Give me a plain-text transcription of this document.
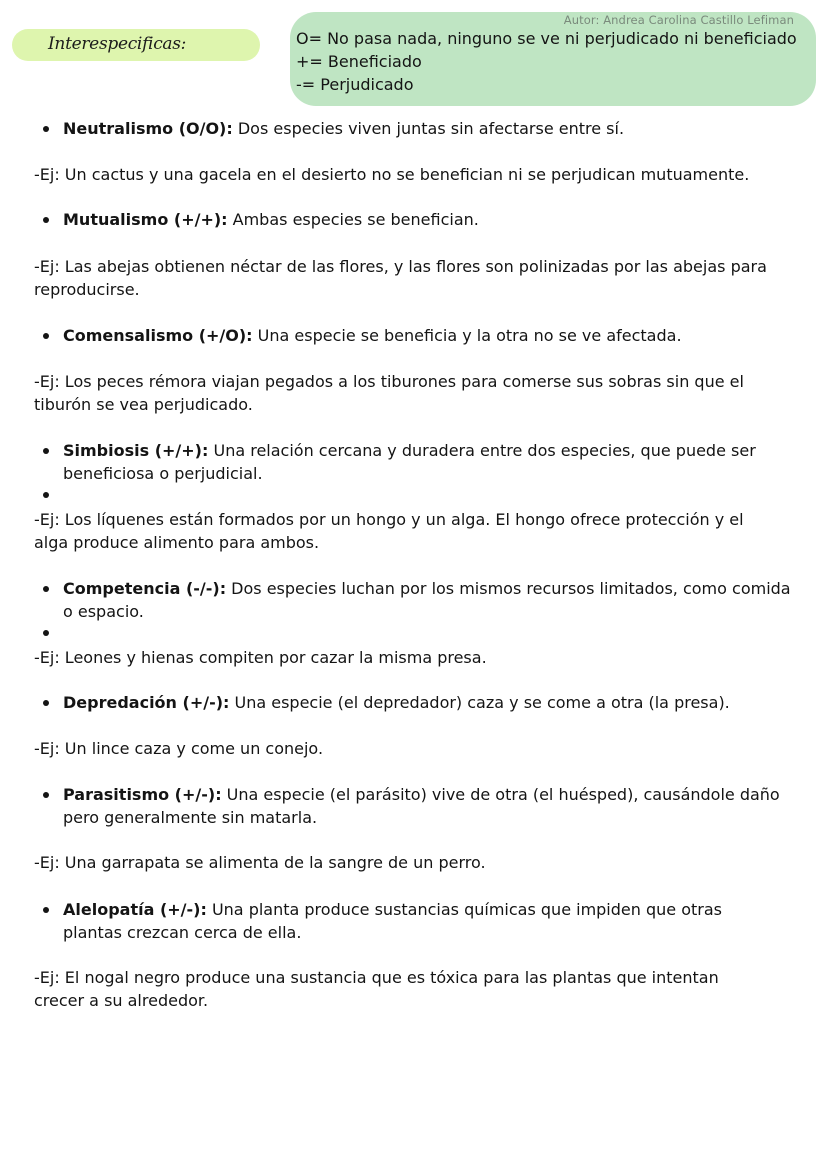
Interespecificas:
Autor: Andrea Carolina Castillo Lefiman
O= No pasa nada, ninguno se ve ni perjudicado ni beneficiado
+= Beneficiado
-= Perjudicado
Neutralismo (O/O): Dos especies viven juntas sin afectarse entre sí.
-Ej: Un cactus y una gacela en el desierto no se benefician ni se perjudican mutuamente.
Mutualismo (+/+): Ambas especies se benefician.
-Ej: Las abejas obtienen néctar de las flores, y las flores son polinizadas por las abejas para reproducirse.
Comensalismo (+/O): Una especie se beneficia y la otra no se ve afectada.
-Ej: Los peces rémora viajan pegados a los tiburones para comerse sus sobras sin que el tiburón se vea perjudicado.
Simbiosis (+/+): Una relación cercana y duradera entre dos especies, que puede ser beneficiosa o perjudicial.
-Ej: Los líquenes están formados por un hongo y un alga. El hongo ofrece protección y el alga produce alimento para ambos.
Competencia (-/-): Dos especies luchan por los mismos recursos limitados, como comida o espacio.
-Ej: Leones y hienas compiten por cazar la misma presa.
Depredación (+/-): Una especie (el depredador) caza y se come a otra (la presa).
-Ej: Un lince caza y come un conejo.
Parasitismo (+/-): Una especie (el parásito) vive de otra (el huésped), causándole daño pero generalmente sin matarla.
-Ej: Una garrapata se alimenta de la sangre de un perro.
Alelopatía (+/-): Una planta produce sustancias químicas que impiden que otras plantas crezcan cerca de ella.
-Ej: El nogal negro produce una sustancia que es tóxica para las plantas que intentan crecer a su alrededor.
